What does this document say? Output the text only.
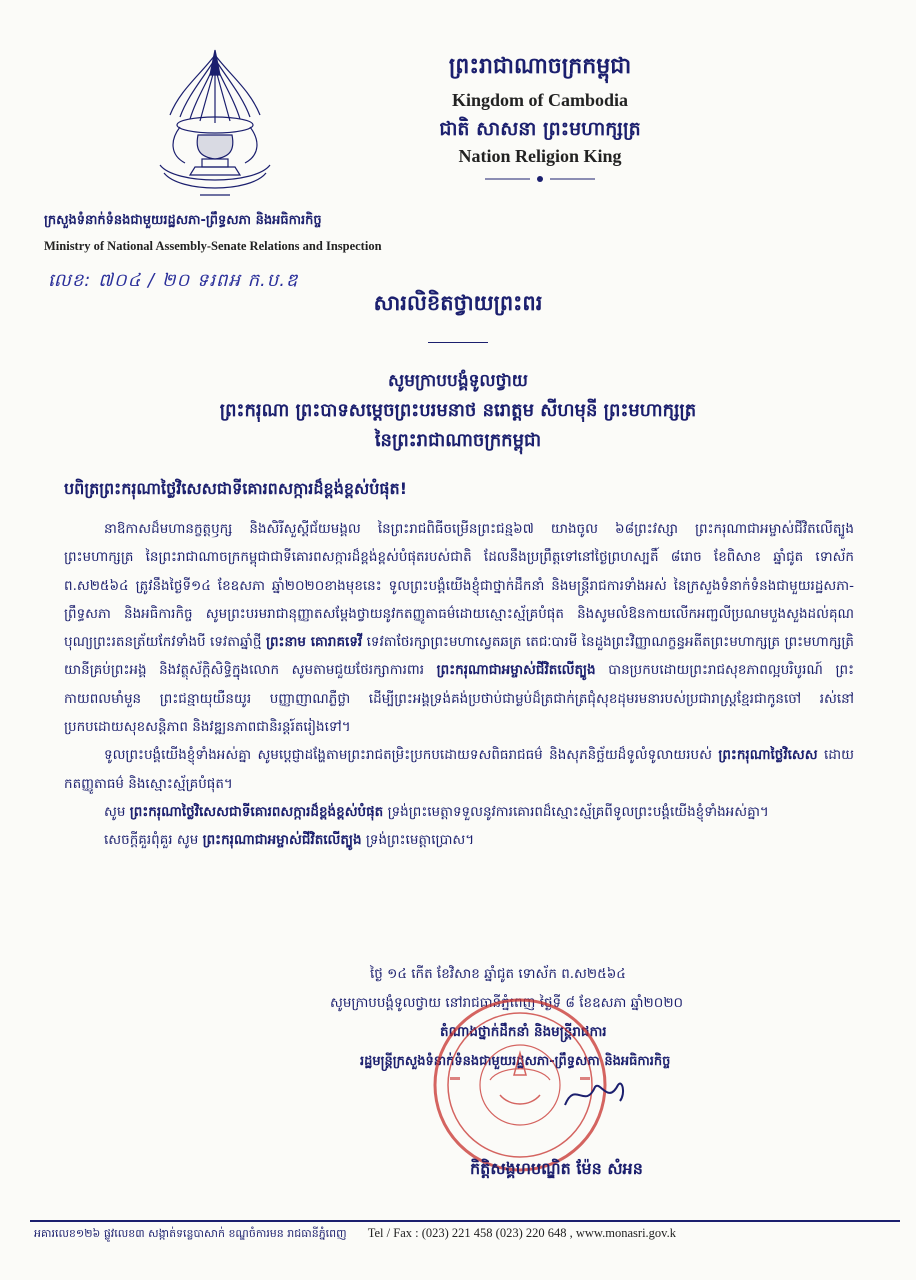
ព្រះរាជាណាចក្រកម្ពុជា
Kingdom of Cambodia
ជាតិ សាសនា ព្រះមហាក្សត្រ
Nation Religion King
ក្រសួងទំនាក់ទំនងជាមួយរដ្ឋសភា-ព្រឹទ្ធសភា និងអធិការកិច្ច
Ministry of National Assembly-Senate Relations and Inspection
លេខ: ៧០៤ / ២០ ទរពអ ក.ប.ឌ
សារលិខិតថ្វាយព្រះពរ
សូមក្រាបបង្គំទូលថ្វាយ
ព្រះករុណា ព្រះបាទសម្តេចព្រះបរមនាថ នរោត្តម សីហមុនី ព្រះមហាក្សត្រ
នៃព្រះរាជាណាចក្រកម្ពុជា
បពិត្រព្រះករុណាថ្លៃវិសេសជាទីគោរពសក្ការដ៏ខ្ពង់ខ្ពស់បំផុត!

នាឱកាសដ៏មហានក្ខត្តឫក្ស និងសិរីសួស្តីជ័យមង្គល នៃព្រះរាជពិធីចម្រើនព្រះជន្ម៦៧ យាងចូល ៦៨ព្រះវស្សា ព្រះករុណាជាអម្ចាស់ជីវិតលើត្បូង ព្រះមហាក្សត្រ នៃព្រះរាជាណាចក្រកម្ពុជាជាទីគោរពសក្ការដ៏ខ្ពង់ខ្ពស់បំផុតរបស់ជាតិ ដែលនឹងប្រព្រឹត្តទៅនៅថ្ងៃព្រហស្បតិ៍ ៨រោច ខែពិសាខ ឆ្នាំជូត ទោស័ក ព.ស២៥៦៤ ត្រូវនឹងថ្ងៃទី១៤ ខែឧសភា ឆ្នាំ២០២០ខាងមុខនេះ ទូលព្រះបង្គំយើងខ្ញុំជាថ្នាក់ដឹកនាំ និងមន្ត្រីរាជការទាំងអស់ នៃក្រសួងទំនាក់ទំនងជាមួយរដ្ឋសភា-ព្រឹទ្ធសភា និងអធិការកិច្ច សូមព្រះបរមរាជានុញ្ញាតសម្តែងថ្វាយនូវកតញ្ញូតាធម៌ដោយស្មោះស្ម័គ្របំផុត និងសូមលំឱនកាយលើកអញ្ជលីប្រណមបួងសួងដល់គុណបុណ្យព្រះរតនត្រ័យកែវទាំងបី ទេវតាឆ្នាំថ្មី ព្រះនាម គោរាគទេវី ទេវតាថែរក្សាព្រះមហាស្វេតឆត្រ តេជៈបារមី នៃដួងព្រះវិញ្ញាណក្ខន្ធអតីតព្រះមហាក្សត្រ ព្រះមហាក្សត្រិយានីគ្រប់ព្រះអង្គ និងវត្ថុស័ក្តិសិទ្ធិក្នុងលោក សូមតាមជួយថែរក្សាការពារ ព្រះករុណាជាអម្ចាស់ជីវិតលើត្បូង បានប្រកបដោយព្រះរាជសុខភាពល្អបរិបូរណ៍ ព្រះកាយពលមាំមួន ព្រះជន្មាយុយឺនយូរ បញ្ញាញាណភ្លឺថ្លា ដើម្បីព្រះអង្គទ្រង់គង់ប្រថាប់ជាម្លប់ដ៏ត្រជាក់ត្រជុំសុខដុមរមនារបស់ប្រជារាស្ត្រខ្មែរជាកូនចៅ រស់នៅប្រកបដោយសុខសន្តិភាព និងវឌ្ឍនភាពជានិរន្តរ៍តរៀងទៅ។

ទូលព្រះបង្គំយើងខ្ញុំទាំងអស់គ្នា សូមប្តេជ្ញាដង្ហែតាមព្រះរាជតម្រិះប្រកបដោយទសពិធរាជធម៌ និងសុភនិច្ឆ័យដ៏ទូលំទូលាយរបស់ ព្រះករុណាថ្លៃវិសេស ដោយកតញ្ញូតាធម៌ និងស្មោះស្ម័គ្របំផុត។

សូម ព្រះករុណាថ្លៃវិសេសជាទីគោរពសក្ការដ៏ខ្ពង់ខ្ពស់បំផុត ទ្រង់ព្រះមេត្តាទទួលនូវការគោរពដ៏ស្មោះស្ម័គ្រពីទូលព្រះបង្គំយើងខ្ញុំទាំងអស់គ្នា។

សេចក្តីគួរពុំគួរ សូម ព្រះករុណាជាអម្ចាស់ជីវិតលើត្បូង ទ្រង់ព្រះមេត្តាប្រោស។

ថ្ងៃ ១៤ កើត ខែវិសាខ ឆ្នាំជូត ទោស័ក ព.ស២៥៦៤
សូមក្រាបបង្គំទូលថ្វាយ នៅរាជធានីភ្នំពេញ ថ្ងៃទី ៨ ខែឧសភា ឆ្នាំ២០២០
តំណាងថ្នាក់ដឹកនាំ និងមន្ត្រីរាជការ
រដ្ឋមន្ត្រីក្រសួងទំនាក់ទំនងជាមួយរដ្ឋសភា-ព្រឹទ្ធសភា និងអធិការកិច្ច
កិត្តិសង្គហបណ្ឌិត ម៉ែន សំអន
អគារលេខ១២៦ ផ្លូវលេខ៣ សង្កាត់ទន្លេបាសាក់ ខណ្ឌចំការមន រាជធានីភ្នំពេញ Tel / Fax : (023) 221 458 (023) 220 648 , www.monasri.gov.k
